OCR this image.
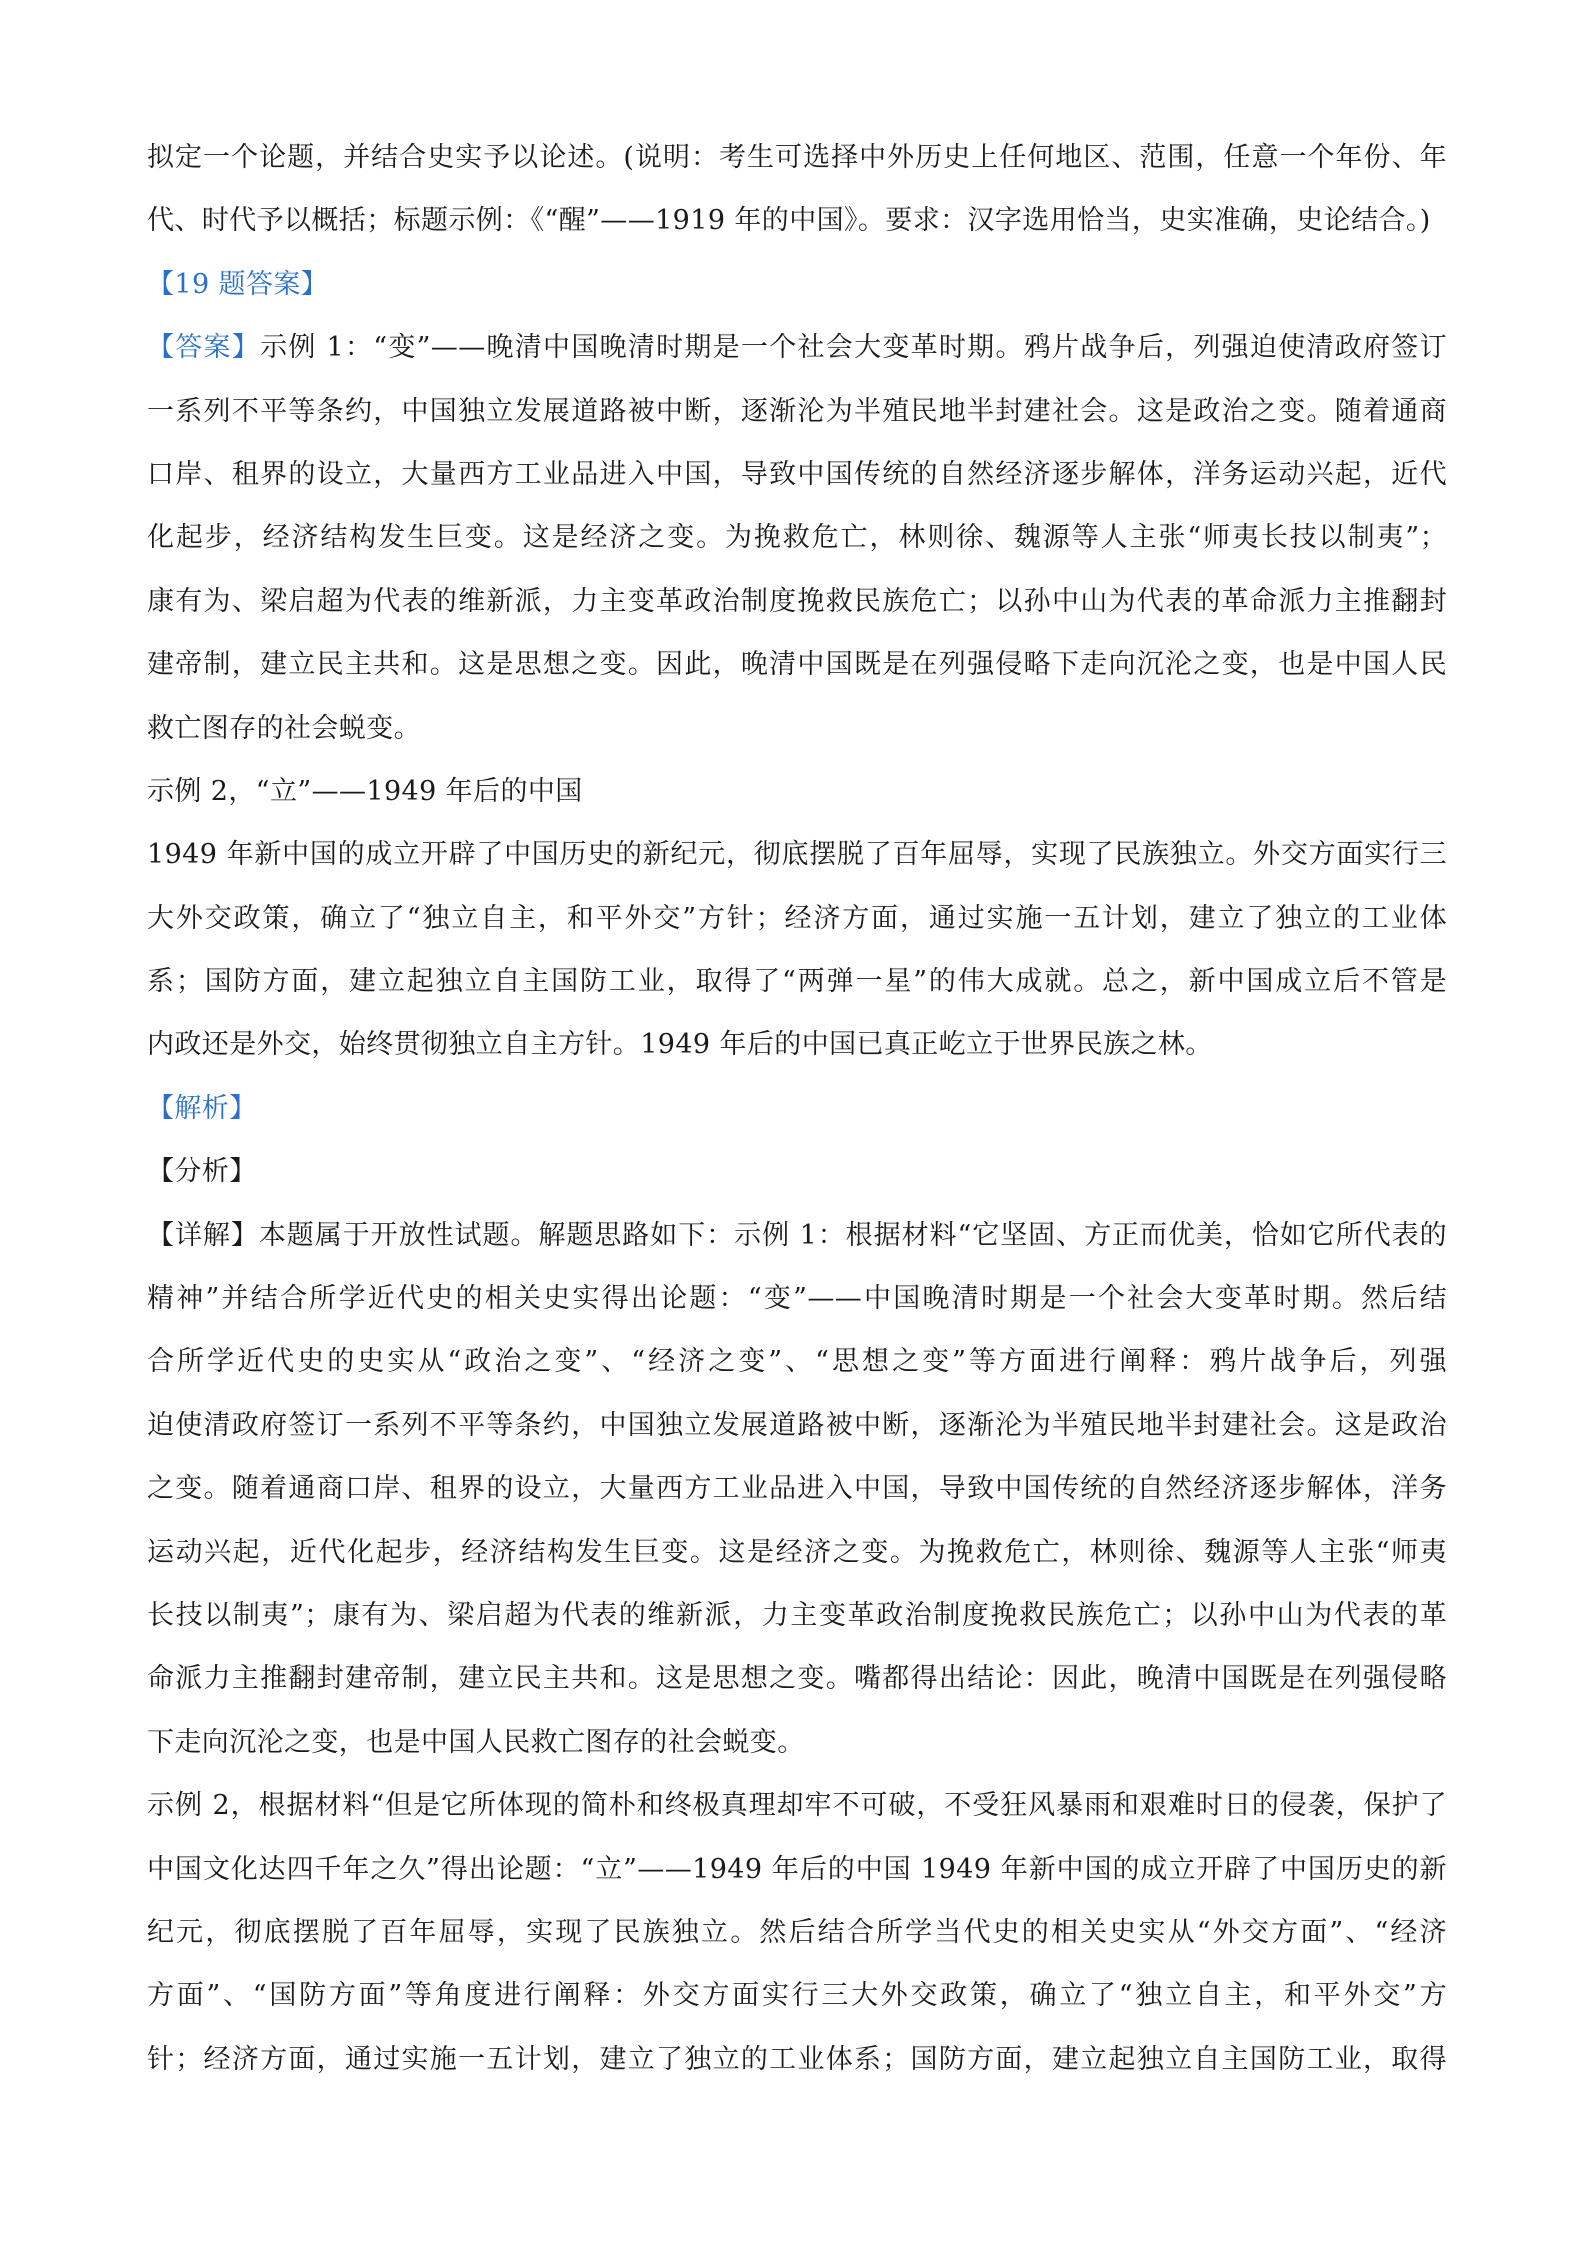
拟定一个论题，并结合史实予以论述。(说明：考生可选择中外历史上任何地区、范围，任意一个年份、年
代、时代予以概括；标题示例：《“醒”——1919 年的中国》。要求：汉字选用恰当，史实准确，史论结合。)
【19 题答案】
【答案】示例 1：“变”——晚清中国晚清时期是一个社会大变革时期。鸦片战争后，列强迫使清政府签订
一系列不平等条约，中国独立发展道路被中断，逐渐沦为半殖民地半封建社会。这是政治之变。随着通商
口岸、租界的设立，大量西方工业品进入中国，导致中国传统的自然经济逐步解体，洋务运动兴起，近代
化起步，经济结构发生巨变。这是经济之变。为挽救危亡，林则徐、魏源等人主张“师夷长技以制夷”；
康有为、梁启超为代表的维新派，力主变革政治制度挽救民族危亡；以孙中山为代表的革命派力主推翻封
建帝制，建立民主共和。这是思想之变。因此，晚清中国既是在列强侵略下走向沉沦之变，也是中国人民
救亡图存的社会蜕变。
示例 2，“立”——1949 年后的中国
1949 年新中国的成立开辟了中国历史的新纪元，彻底摆脱了百年屈辱，实现了民族独立。外交方面实行三
大外交政策，确立了“独立自主，和平外交”方针；经济方面，通过实施一五计划，建立了独立的工业体
系；国防方面，建立起独立自主国防工业，取得了“两弹一星”的伟大成就。总之，新中国成立后不管是
内政还是外交，始终贯彻独立自主方针。1949 年后的中国已真正屹立于世界民族之林。
【解析】
【分析】
【详解】本题属于开放性试题。解题思路如下：示例 1：根据材料“它坚固、方正而优美，恰如它所代表的
精神”并结合所学近代史的相关史实得出论题：“变”——中国晚清时期是一个社会大变革时期。然后结
合所学近代史的史实从“政治之变”、“经济之变”、“思想之变”等方面进行阐释：鸦片战争后，列强
迫使清政府签订一系列不平等条约，中国独立发展道路被中断，逐渐沦为半殖民地半封建社会。这是政治
之变。随着通商口岸、租界的设立，大量西方工业品进入中国，导致中国传统的自然经济逐步解体，洋务
运动兴起，近代化起步，经济结构发生巨变。这是经济之变。为挽救危亡，林则徐、魏源等人主张“师夷
长技以制夷”；康有为、梁启超为代表的维新派，力主变革政治制度挽救民族危亡；以孙中山为代表的革
命派力主推翻封建帝制，建立民主共和。这是思想之变。嘴都得出结论：因此，晚清中国既是在列强侵略
下走向沉沦之变，也是中国人民救亡图存的社会蜕变。
示例 2，根据材料“但是它所体现的简朴和终极真理却牢不可破，不受狂风暴雨和艰难时日的侵袭，保护了
中国文化达四千年之久”得出论题：“立”——1949 年后的中国 1949 年新中国的成立开辟了中国历史的新
纪元，彻底摆脱了百年屈辱，实现了民族独立。然后结合所学当代史的相关史实从“外交方面”、“经济
方面”、“国防方面”等角度进行阐释：外交方面实行三大外交政策，确立了“独立自主，和平外交”方
针；经济方面，通过实施一五计划，建立了独立的工业体系；国防方面，建立起独立自主国防工业，取得
